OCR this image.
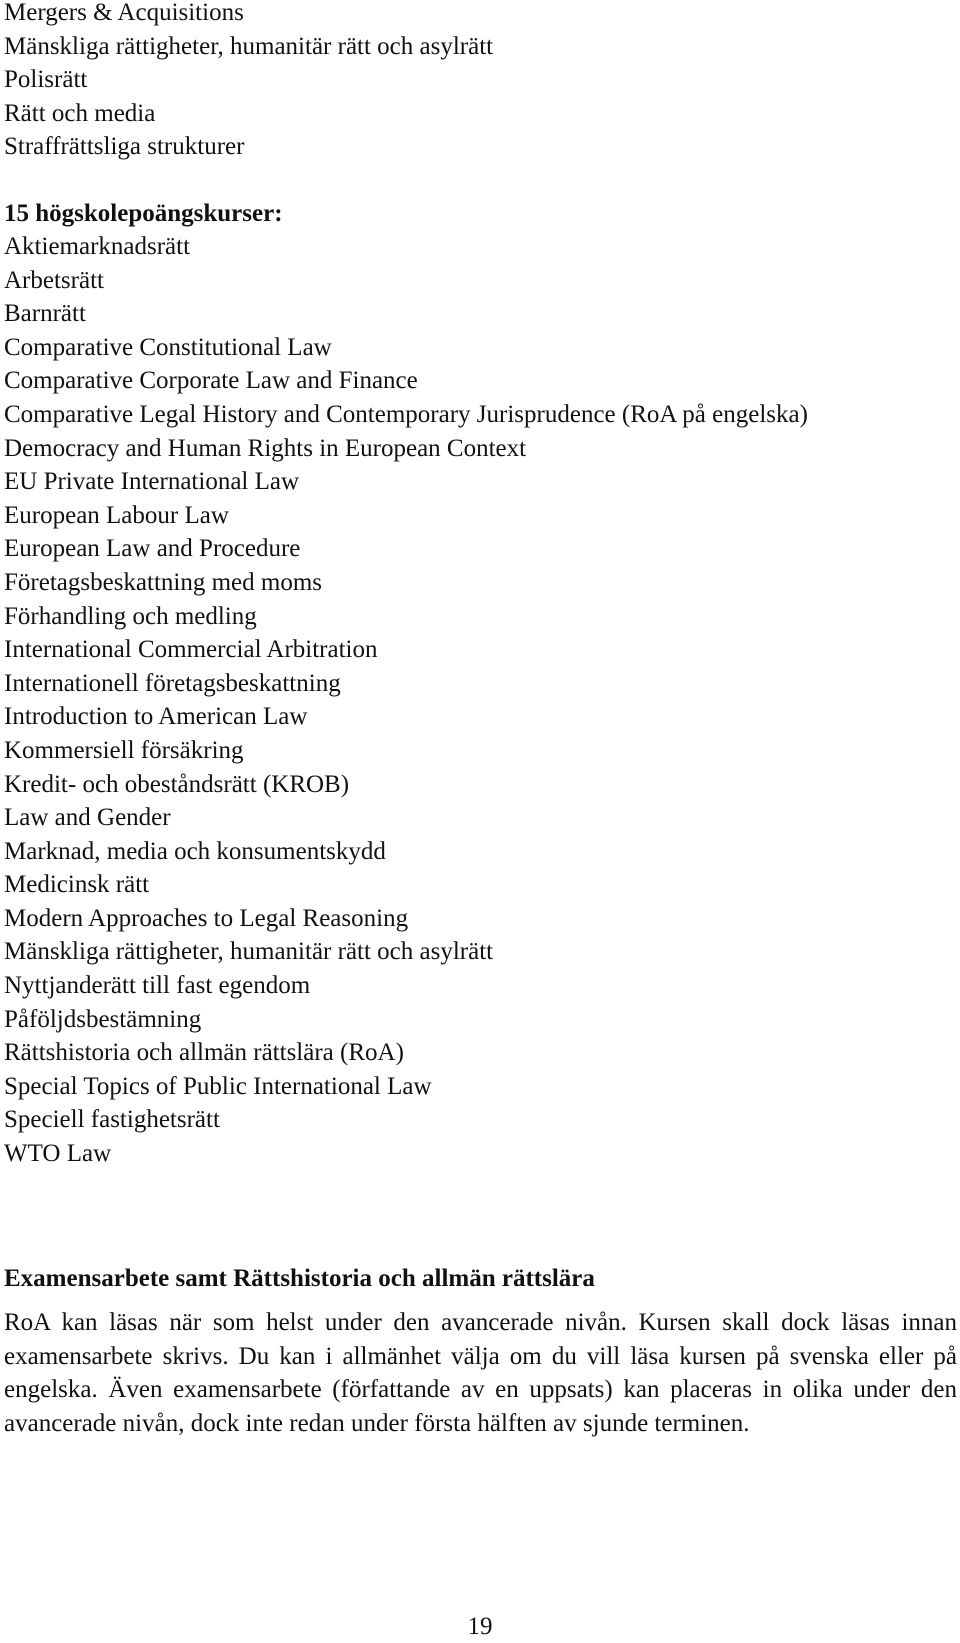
Mergers & Acquisitions
Mänskliga rättigheter, humanitär rätt och asylrätt
Polisrätt
Rätt och media
Straffrättsliga strukturer
15 högskolepoängskurser:
Aktiemarknadsrätt
Arbetsrätt
Barnrätt
Comparative Constitutional Law
Comparative Corporate Law and Finance
Comparative Legal History and Contemporary Jurisprudence (RoA på engelska)
Democracy and Human Rights in European Context
EU Private International Law
European Labour Law
European Law and Procedure
Företagsbeskattning med moms
Förhandling och medling
International Commercial Arbitration
Internationell företagsbeskattning
Introduction to American Law
Kommersiell försäkring
Kredit- och obeståndsrätt (KROB)
Law and Gender
Marknad, media och konsumentskydd
Medicinsk rätt
Modern Approaches to Legal Reasoning
Mänskliga rättigheter, humanitär rätt och asylrätt
Nyttjanderätt till fast egendom
Påföljdsbestämning
Rättshistoria och allmän rättslära (RoA)
Special Topics of Public International Law
Speciell fastighetsrätt
WTO Law
Examensarbete samt Rättshistoria och allmän rättslära

RoA kan läsas när som helst under den avancerade nivån. Kursen skall dock läsas innan examensarbete skrivs. Du kan i allmänhet välja om du vill läsa kursen på svenska eller på engelska. Även examensarbete (författande av en uppsats) kan placeras in olika under den avancerade nivån, dock inte redan under första hälften av sjunde terminen.

19
